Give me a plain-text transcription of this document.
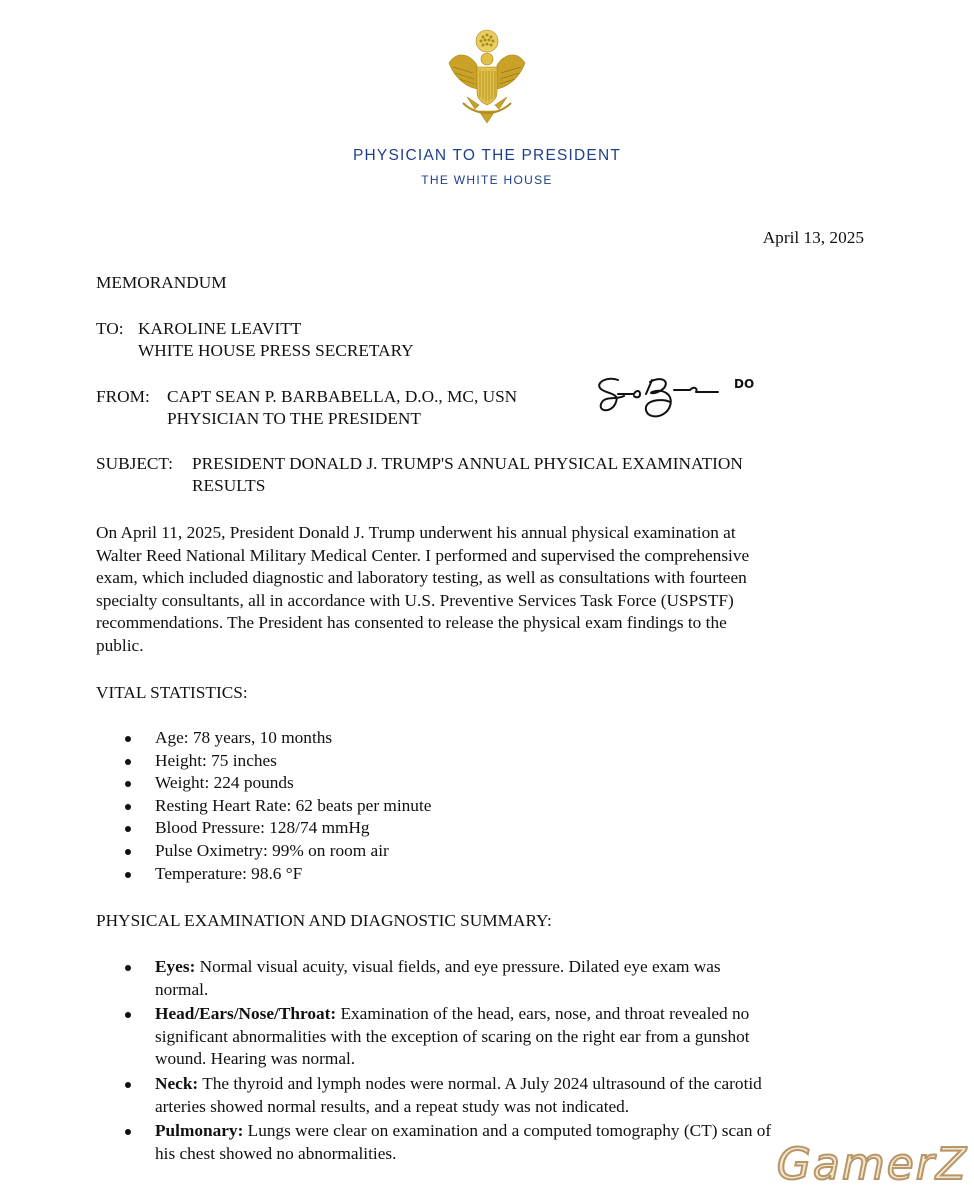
PHYSICIAN TO THE PRESIDENT
THE WHITE HOUSE
April 13, 2025
MEMORANDUM
TO: KAROLINE LEAVITT
WHITE HOUSE PRESS SECRETARY
FROM: CAPT SEAN P. BARBABELLA, D.O., MC, USN
PHYSICIAN TO THE PRESIDENT
DO
SUBJECT: PRESIDENT DONALD J. TRUMP'S ANNUAL PHYSICAL EXAMINATION
RESULTS
On April 11, 2025, President Donald J. Trump underwent his annual physical examination at
Walter Reed National Military Medical Center. I performed and supervised the comprehensive
exam, which included diagnostic and laboratory testing, as well as consultations with fourteen
specialty consultants, all in accordance with U.S. Preventive Services Task Force (USPSTF)
recommendations. The President has consented to release the physical exam findings to the
public.
VITAL STATISTICS:
Age: 78 years, 10 months
Height: 75 inches
Weight: 224 pounds
Resting Heart Rate: 62 beats per minute
Blood Pressure: 128/74 mmHg
Pulse Oximetry: 99% on room air
Temperature: 98.6 °F
PHYSICAL EXAMINATION AND DIAGNOSTIC SUMMARY:
Eyes: Normal visual acuity, visual fields, and eye pressure. Dilated eye exam was
normal.
Head/Ears/Nose/Throat: Examination of the head, ears, nose, and throat revealed no
significant abnormalities with the exception of scaring on the right ear from a gunshot
wound. Hearing was normal.
Neck: The thyroid and lymph nodes were normal. A July 2024 ultrasound of the carotid
arteries showed normal results, and a repeat study was not indicated.
Pulmonary: Lungs were clear on examination and a computed tomography (CT) scan of
his chest showed no abnormalities.	GamerZ
